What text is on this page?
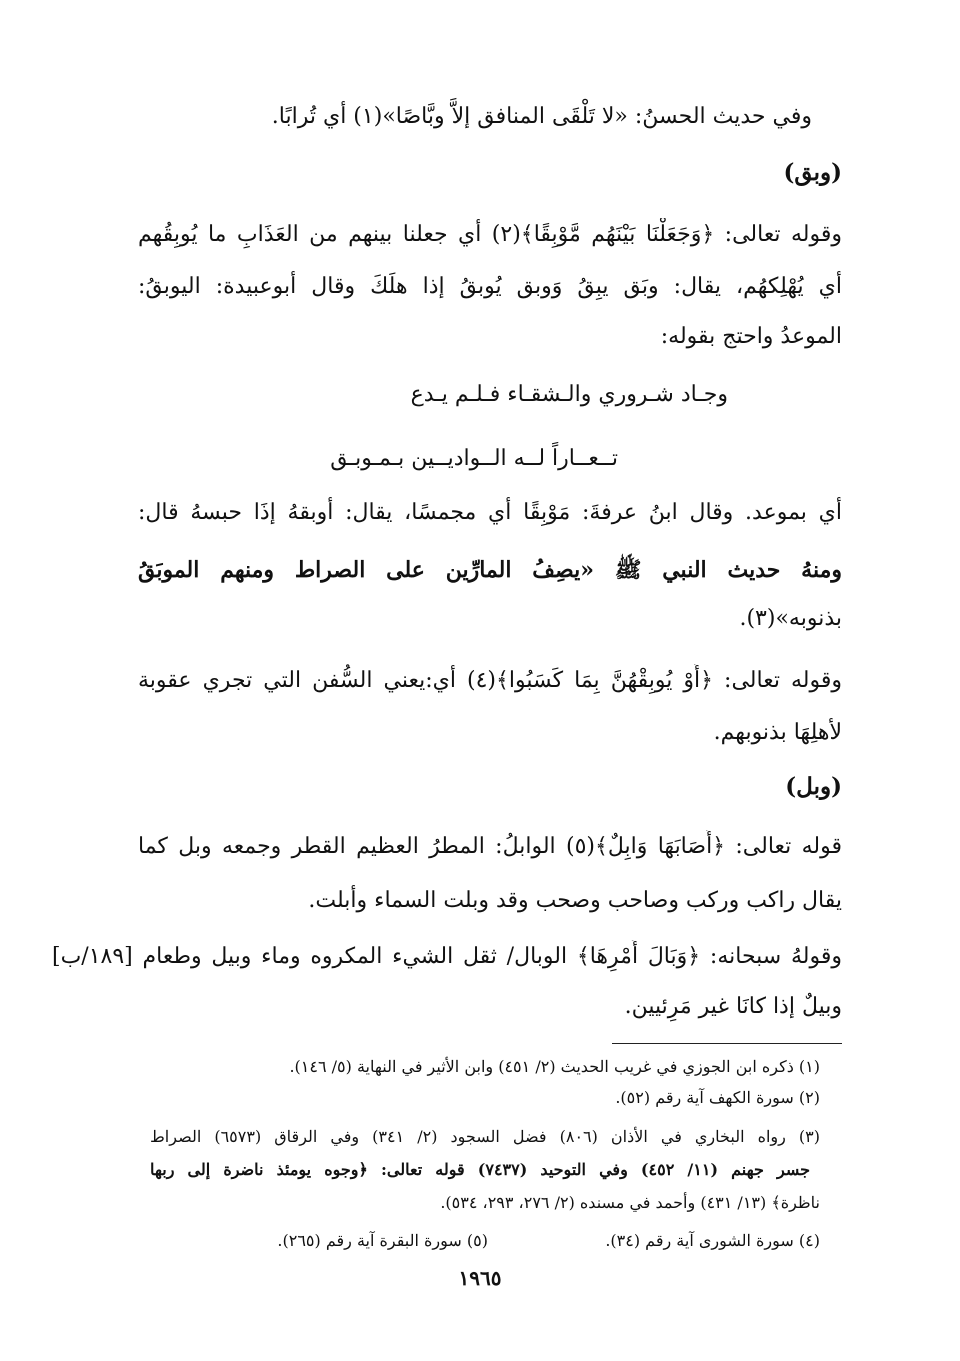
وفي حديث الحسنُ: «لا تَلْقَى المنافق إلاَّ وبَّاصًا»(١) أي تُرابًا.
(وبق)
وقوله تعالى: ﴿وَجَعَلْنَا بَيْنَهُم مَّوْبِقًا﴾(٢) أي جعلنا بينهم من العَذَابِ ما يُوبِقُهم
أي يُهْلِكهُم، يقال: وبَق يبِقُ وَوبق يُوبقُ إذا هلَكَ وقال أبوعبيدة: اليوبقُ:
الموعدُ واحتج بقوله:
وجـاد شـروري والـشقـاء فـلـم يـدع
تــعــاراً لــه الــواديــين بـمـوبـق
أي بموعد. وقال ابنُ عرفةَ: مَوْبِقًا أي مجمسًا، يقال: أوبقهُ إذَا حبسهُ قال:
ومنهُ حديث النبي ﷺ «يصِفُ المارِّين على الصراط ومنهم الموبَقُ
بذنوبه»(٣).
وقوله تعالى: ﴿أَوْ يُوبِقْهُنَّ بِمَا كَسَبُوا﴾(٤) أي:يعني السُّفن التي تجري عقوبة
لأهلِهَا بذنوبهم.
(وبل)
قوله تعالى: ﴿أَصَابَهَا وَابِلٌ﴾(٥) الوابلُ: المطرُ العظيم القطر وجمعه وبل كما
يقال راكب وركب وصاحب وصحب وقد وبلت السماء وأبلت.
وقولهُ سبحانه: ﴿وَبَالَ أَمْرِهَا﴾ الوبال/ ثقل الشيء المكروه وماء وبيل وطعام [١٨٩/ب]
وبيلٌ إذا كانَا غير مَرِئيين.
(١) ذكره ابن الجوزي في غريب الحديث (٢/ ٤٥١) وابن الأثير في النهاية (٥/ ١٤٦).
(٢) سورة الكهف آية رقم (٥٢).
(٣) رواه البخاري في الأذان (٨٠٦) فضل السجود (٢/ ٣٤١) وفي الرقاق (٦٥٧٣) الصراط
جسر جهنم (١١/ ٤٥٢) وفي التوحيد (٧٤٣٧) قوله تعالى: ﴿وجوه يومئذ ناضرة إلى ربها
ناظرة﴾ (١٣/ ٤٣١) وأحمد في مسنده (٢/ ٢٧٦، ٢٩٣، ٥٣٤).
(٤) سورة الشورى آية رقم (٣٤).
(٥) سورة البقرة آية رقم (٢٦٥).
١٩٦٥
